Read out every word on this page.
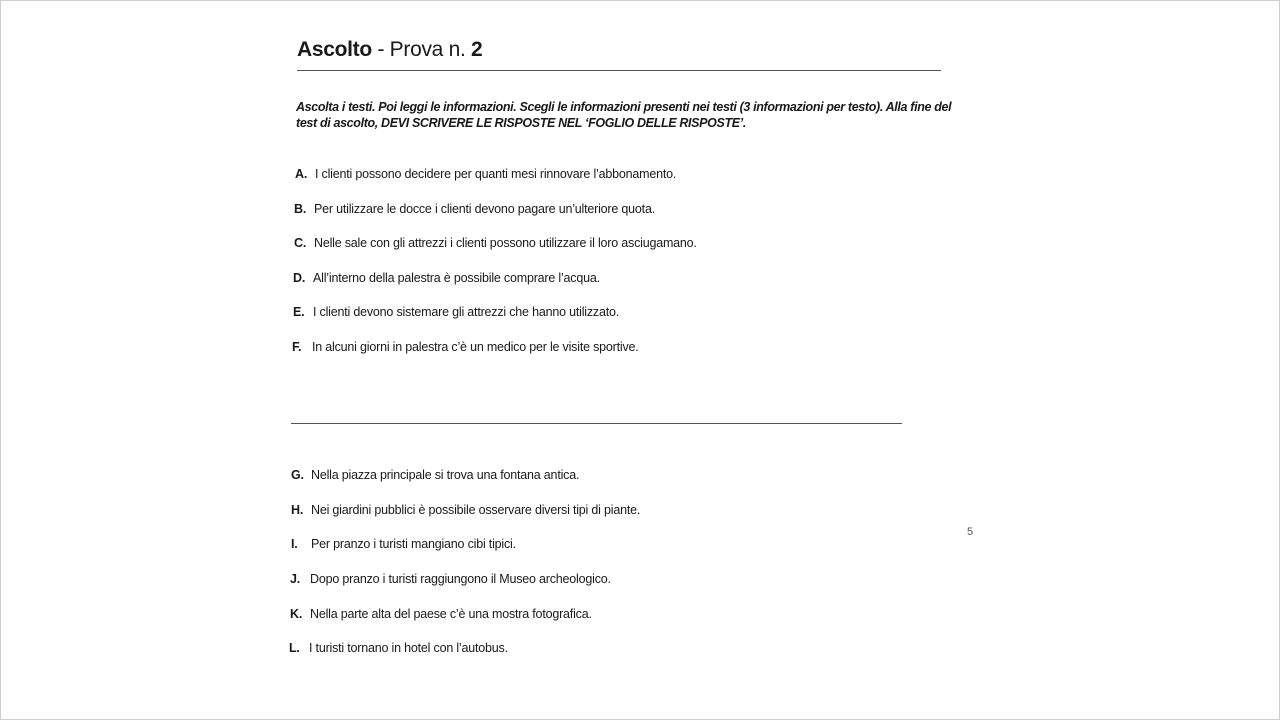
Ascolto - Prova n. 2
Ascolta i testi. Poi leggi le informazioni. Scegli le informazioni presenti nei testi (3 informazioni per testo). Alla fine del test di ascolto, DEVI SCRIVERE LE RISPOSTE NEL ‘FOGLIO DELLE RISPOSTE’.
A. I clienti possono decidere per quanti mesi rinnovare l’abbonamento.
B. Per utilizzare le docce i clienti devono pagare un’ulteriore quota.
C. Nelle sale con gli attrezzi i clienti possono utilizzare il loro asciugamano.
D. All’interno della palestra è possibile comprare l’acqua.
E. I clienti devono sistemare gli attrezzi che hanno utilizzato.
F. In alcuni giorni in palestra c’è un medico per le visite sportive.
G. Nella piazza principale si trova una fontana antica.
H. Nei giardini pubblici è possibile osservare diversi tipi di piante.
I. Per pranzo i turisti mangiano cibi tipici.
J. Dopo pranzo i turisti raggiungono il Museo archeologico.
K. Nella parte alta del paese c’è una mostra fotografica.
L. I turisti tornano in hotel con l’autobus.
5
